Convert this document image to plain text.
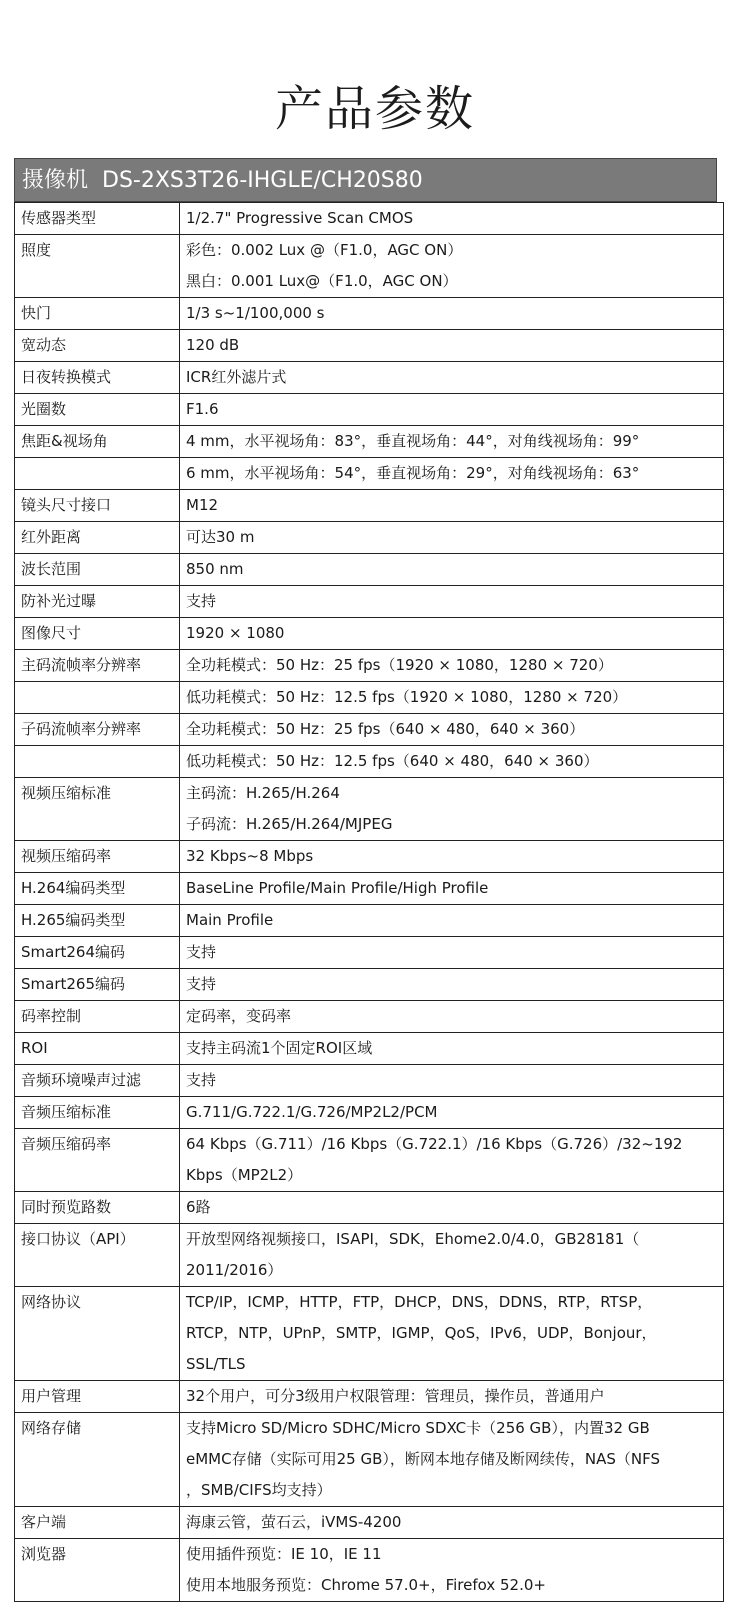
产品参数
摄像机 DS-2XS3T26-IHGLE/CH20S80
传感器类型	1/2.7" Progressive Scan CMOS

照度	彩色：0.002 Lux @（F1.0，AGC ON）
黑白：0.001 Lux@（F1.0，AGC ON）

快门	1/3 s~1/100,000 s

宽动态	120 dB

日夜转换模式	ICR红外滤片式

光圈数	F1.6

焦距&视场角	4 mm，水平视场角：83°，垂直视场角：44°，对角线视场角：99°

	6 mm，水平视场角：54°，垂直视场角：29°，对角线视场角：63°

镜头尺寸接口	M12

红外距离	可达30 m

波长范围	850 nm

防补光过曝	支持

图像尺寸	1920 × 1080

主码流帧率分辨率	全功耗模式：50 Hz：25 fps（1920 × 1080，1280 × 720）

	低功耗模式：50 Hz：12.5 fps（1920 × 1080，1280 × 720）

子码流帧率分辨率	全功耗模式：50 Hz：25 fps（640 × 480，640 × 360）

	低功耗模式：50 Hz：12.5 fps（640 × 480，640 × 360）

视频压缩标准	主码流：H.265/H.264
子码流：H.265/H.264/MJPEG

视频压缩码率	32 Kbps~8 Mbps

H.264编码类型	BaseLine Profile/Main Profile/High Profile

H.265编码类型	Main Profile

Smart264编码	支持

Smart265编码	支持

码率控制	定码率，变码率

ROI	支持主码流1个固定ROI区域

音频环境噪声过滤	支持

音频压缩标准	G.711/G.722.1/G.726/MP2L2/PCM

音频压缩码率	64 Kbps（G.711）/16 Kbps（G.722.1）/16 Kbps（G.726）/32~192
Kbps（MP2L2）

同时预览路数	6路

接口协议（API）	开放型网络视频接口，ISAPI，SDK，Ehome2.0/4.0，GB28181（
2011/2016）

网络协议	TCP/IP，ICMP，HTTP，FTP，DHCP，DNS，DDNS，RTP，RTSP，
RTCP，NTP，UPnP，SMTP，IGMP，QoS，IPv6，UDP，Bonjour，
SSL/TLS

用户管理	32个用户，可分3级用户权限管理：管理员，操作员，普通用户

网络存储	支持Micro SD/Micro SDHC/Micro SDXC卡（256 GB），内置32 GB
eMMC存储（实际可用25 GB），断网本地存储及断网续传，NAS（NFS
，SMB/CIFS均支持）

客户端	海康云管，萤石云，iVMS-4200

浏览器	使用插件预览：IE 10，IE 11
使用本地服务预览：Chrome 57.0+，Firefox 52.0+
